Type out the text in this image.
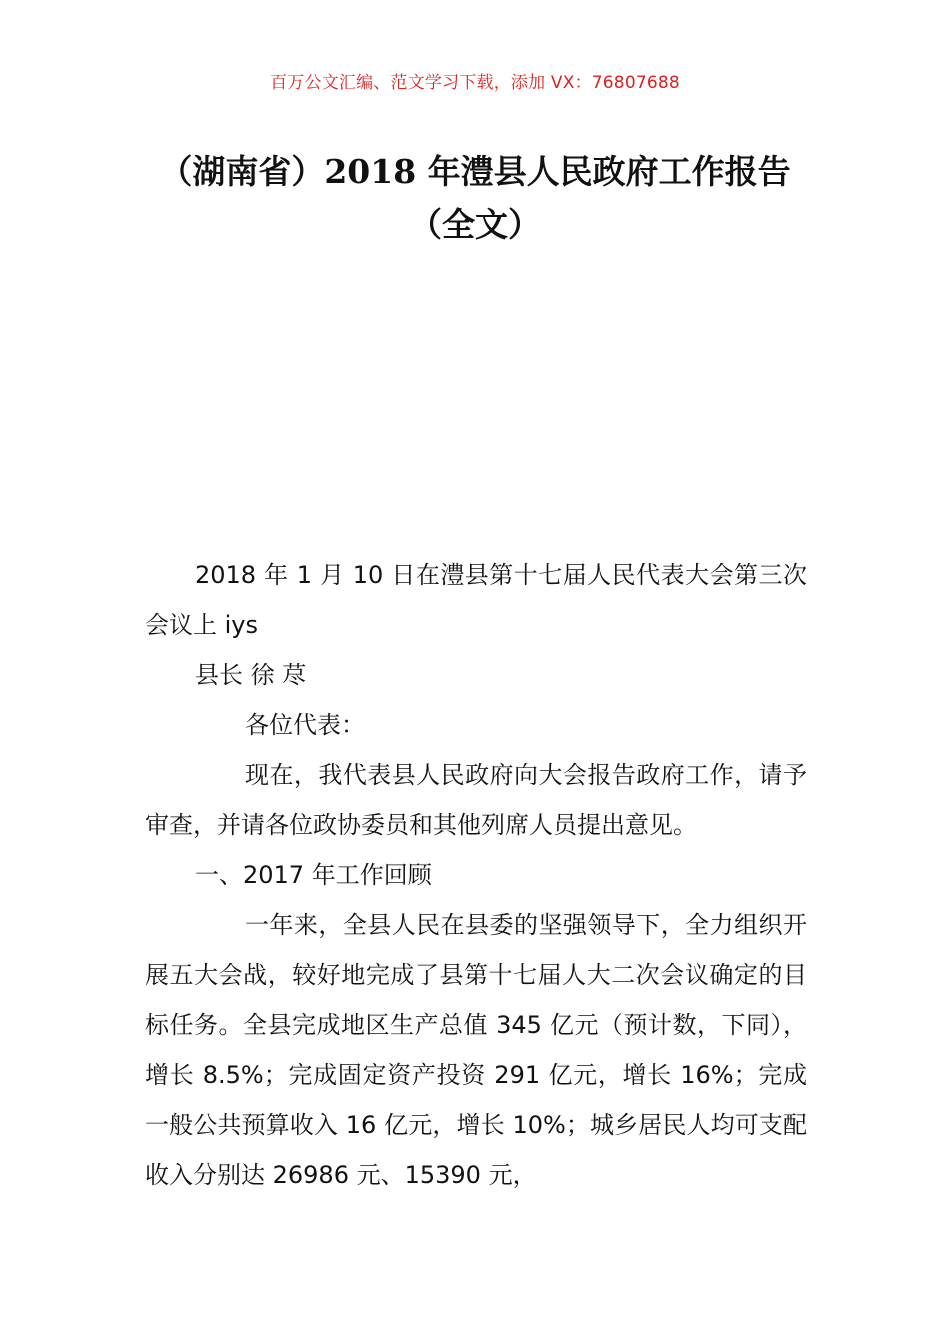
百万公文汇编、范文学习下载，添加 VX：76807688
（湖南省）2018 年澧县人民政府工作报告
（全文）

2018 年 1 月 10 日在澧县第十七届人民代表大会第三次会议上 iys

县长 徐 荩

各位代表：

现在，我代表县人民政府向大会报告政府工作，请予审查，并请各位政协委员和其他列席人员提出意见。

一、2017 年工作回顾

一年来，全县人民在县委的坚强领导下，全力组织开展五大会战，较好地完成了县第十七届人大二次会议确定的目标任务。全县完成地区生产总值 345 亿元（预计数，下同），增长 8.5%；完成固定资产投资 291 亿元，增长 16%；完成一般公共预算收入 16 亿元，增长 10%；城乡居民人均可支配收入分别达 26986 元、15390 元，
